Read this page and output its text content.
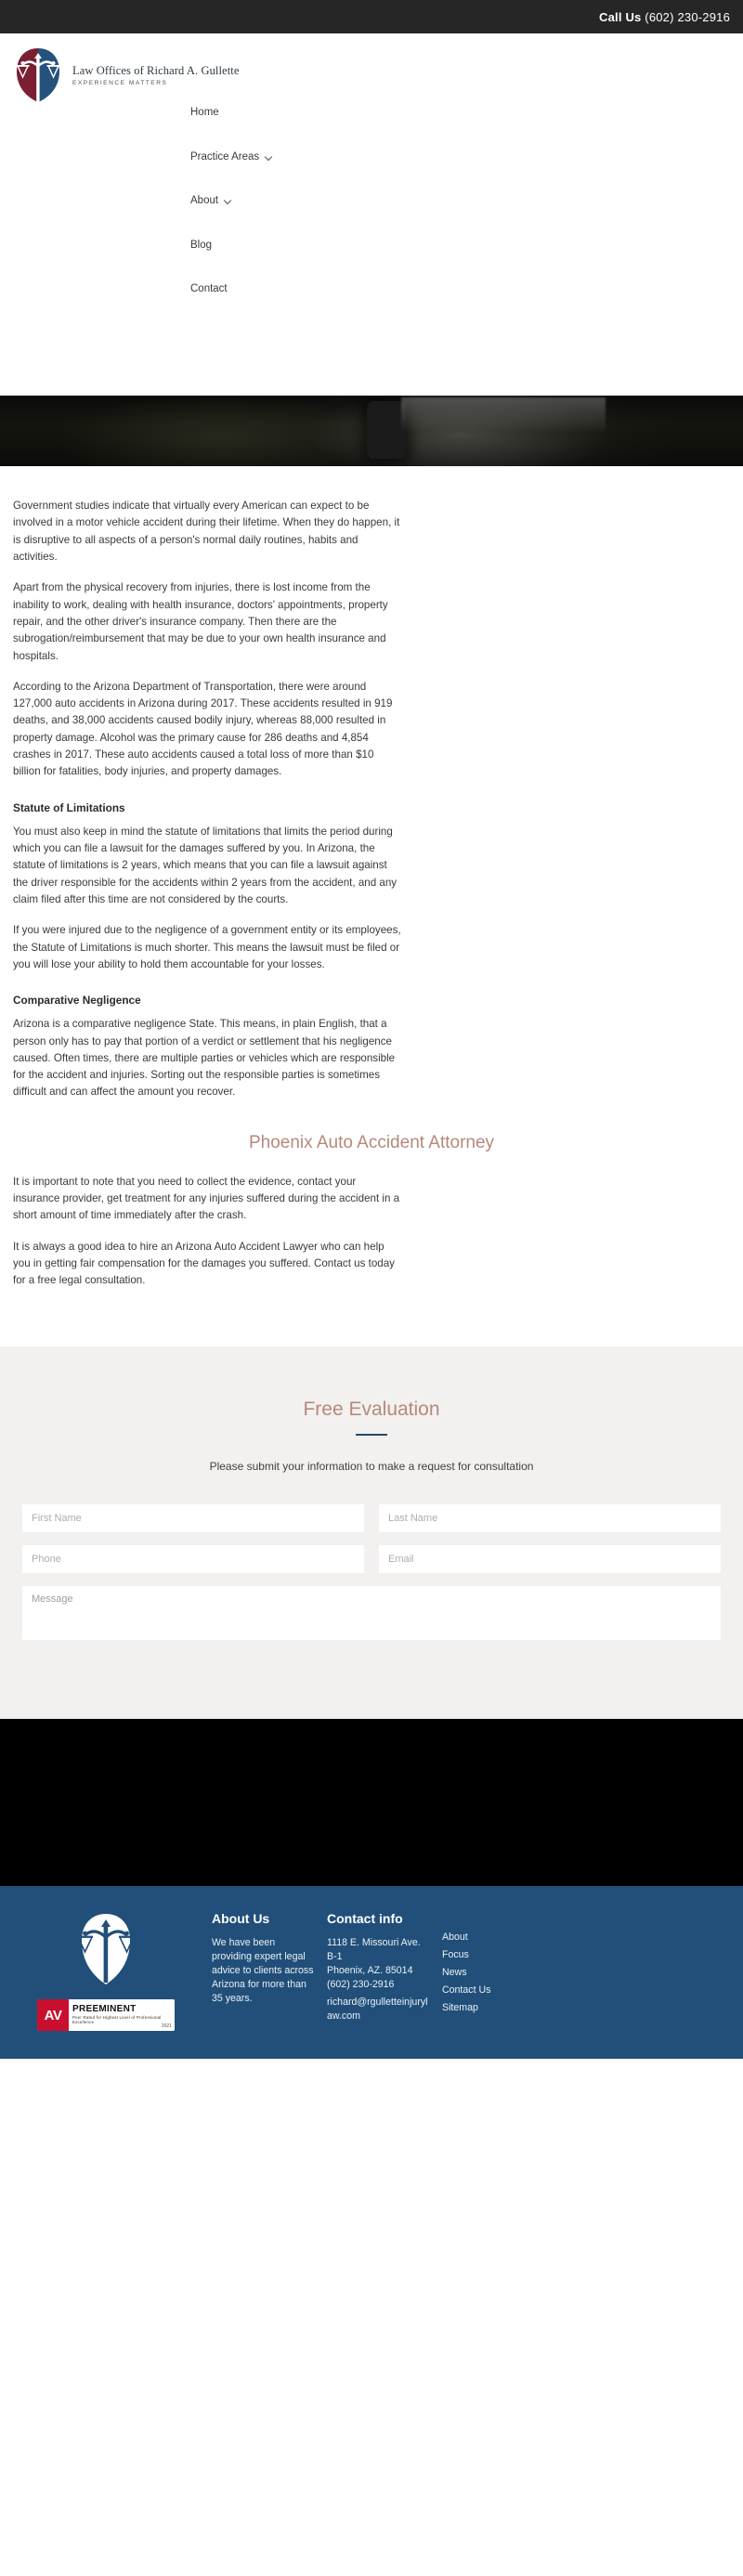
Call Us (602) 230-2916
Law Offices of Richard A. Gullette
EXPERIENCE MATTERS
Home
Practice Areas
About
Blog
Contact

Government studies indicate that virtually every American can expect to be involved in a motor vehicle accident during their lifetime. When they do happen, it is disruptive to all aspects of a person's normal daily routines, habits and activities.

Apart from the physical recovery from injuries, there is lost income from the inability to work, dealing with health insurance, doctors' appointments, property repair, and the other driver's insurance company. Then there are the subrogation/reimbursement that may be due to your own health insurance and hospitals.

According to the Arizona Department of Transportation, there were around 127,000 auto accidents in Arizona during 2017. These accidents resulted in 919 deaths, and 38,000 accidents caused bodily injury, whereas 88,000 resulted in property damage. Alcohol was the primary cause for 286 deaths and 4,854 crashes in 2017. These auto accidents caused a total loss of more than $10 billion for fatalities, body injuries, and property damages.

Statute of Limitations

You must also keep in mind the statute of limitations that limits the period during which you can file a lawsuit for the damages suffered by you. In Arizona, the statute of limitations is 2 years, which means that you can file a lawsuit against the driver responsible for the accidents within 2 years from the accident, and any claim filed after this time are not considered by the courts.

If you were injured due to the negligence of a government entity or its employees, the Statute of Limitations is much shorter. This means the lawsuit must be filed or you will lose your ability to hold them accountable for your losses.

Comparative Negligence

Arizona is a comparative negligence State. This means, in plain English, that a person only has to pay that portion of a verdict or settlement that his negligence caused. Often times, there are multiple parties or vehicles which are responsible for the accident and injuries. Sorting out the responsible parties is sometimes difficult and can affect the amount you recover.

Phoenix Auto Accident Attorney

It is important to note that you need to collect the evidence, contact your insurance provider, get treatment for any injuries suffered during the accident in a short amount of time immediately after the crash.

It is always a good idea to hire an Arizona Auto Accident Lawyer who can help you in getting fair compensation for the damages you suffered. Contact us today for a free legal consultation.

Free Evaluation
Please submit your information to make a request for consultation
First Name
Last Name
Phone
Email
Message
AV	PREEMINENT
Peer Rated for Highest Level of Professional Excellence
2021
About Us

We have been providing expert legal advice to clients across Arizona for more than 35 years.

Contact info

1118 E. Missouri Ave. B-1

Phoenix, AZ. 85014

(602) 230-2916
richard@rgulletteinjurylaw.com
About
Focus
News
Contact Us
Sitemap
